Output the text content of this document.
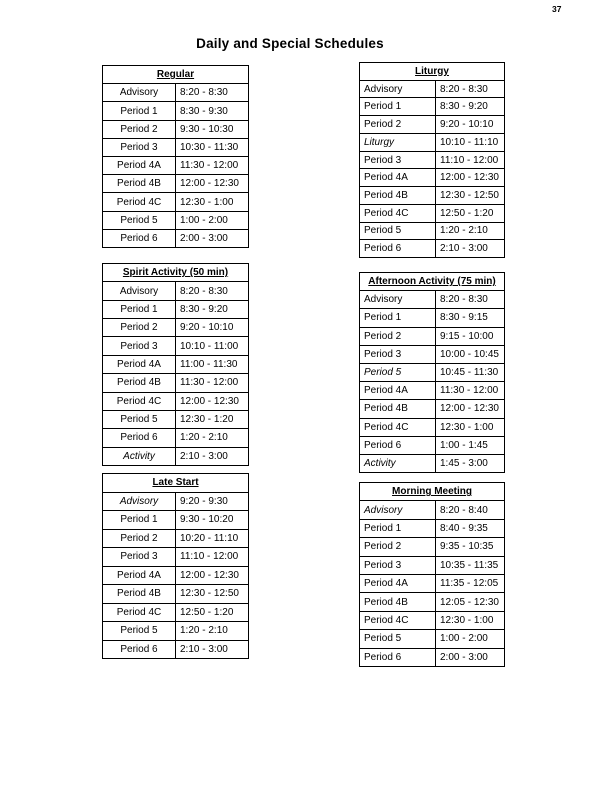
37
Daily and Special Schedules
Regular
Advisory	8:20 - 8:30
Period 1	8:30 - 9:30
Period 2	9:30 - 10:30
Period 3	10:30 - 11:30
Period 4A	11:30 - 12:00
Period 4B	12:00 - 12:30
Period 4C	12:30 - 1:00
Period 5	1:00 - 2:00
Period 6	2:00 - 3:00
Spirit Activity (50 min)
Advisory	8:20 - 8:30
Period 1	8:30 - 9:20
Period 2	9:20 - 10:10
Period 3	10:10 - 11:00
Period 4A	11:00 - 11:30
Period 4B	11:30 - 12:00
Period 4C	12:00 - 12:30
Period 5	12:30 - 1:20
Period 6	1:20 - 2:10
Activity	2:10 - 3:00
Late Start
Advisory	9:20 - 9:30
Period 1	9:30 - 10:20
Period 2	10:20 - 11:10
Period 3	11:10 - 12:00
Period 4A	12:00 - 12:30
Period 4B	12:30 - 12:50
Period 4C	12:50 - 1:20
Period 5	1:20 - 2:10
Period 6	2:10 - 3:00
Liturgy
Advisory	8:20 - 8:30
Period 1	8:30 - 9:20
Period 2	9:20 - 10:10
Liturgy	10:10 - 11:10
Period 3	11:10 - 12:00
Period 4A	12:00 - 12:30
Period 4B	12:30 - 12:50
Period 4C	12:50 - 1:20
Period 5	1:20 - 2:10
Period 6	2:10 - 3:00
Afternoon Activity (75 min)
Advisory	8:20 - 8:30
Period 1	8:30 - 9:15
Period 2	9:15 - 10:00
Period 3	10:00 - 10:45
Period 5	10:45 - 11:30
Period 4A	11:30 - 12:00
Period 4B	12:00 - 12:30
Period 4C	12:30 - 1:00
Period 6	1:00 - 1:45
Activity	1:45 - 3:00
Morning Meeting
Advisory	8:20 - 8:40
Period 1	8:40 - 9:35
Period 2	9:35 - 10:35
Period 3	10:35 - 11:35
Period 4A	11:35 - 12:05
Period 4B	12:05 - 12:30
Period 4C	12:30 - 1:00
Period 5	1:00 - 2:00
Period 6	2:00 - 3:00
